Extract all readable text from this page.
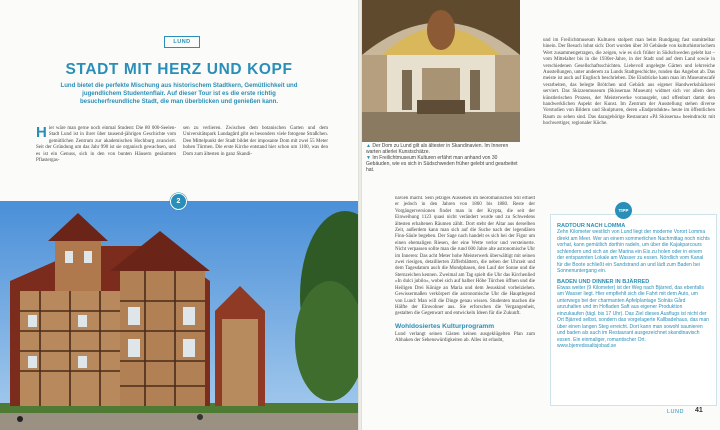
LUND
STADT MIT HERZ UND KOPF
Lund bietet die perfekte Mischung aus historischem Stadtkern, Gemütlichkeit und jugendlichem Studentenflair. Auf dieser Tour ist es die erste richtig besucherfreundliche Stadt, die man überblicken und genießen kann.
Hier wäre man gerne noch einmal Student: Die 80 000-Seelen-Stadt Lund ist in ihrer über tausend-jährigen Geschichte vom gemütlichen Zentrum zur akademischen Hochburg avanciert. Seit der Gründung um das Jahr 990 ist sie organisch gewachsen, und es ist ein Genuss, sich in den von bunten Häusern gesäumten Pflastergas-
sen zu verlieren. Zwischen dem botanischen Garten und dem Universitätspark Lundagård gibt es besonders viele fotogene Straßchen. Den Mittelpunkt der Stadt bildet der imposante Dom mit zwei 55 Meter hohen Türmen. Die erste Kirche entstand hier schon um 1100, was den Dom zum ältesten in ganz Skandi-
2
▲ Der Dom zu Lund gilt als ältester in Skandinavien. Im Inneren warten atlerlei Kunstschätze.
▼ Im Freilichtmuseum Kulturen erfährt man anhand von 30 Gebäuden, wie es sich in Südschweden früher gelebt und gearbeitet hat.
und im Freilichtmuseum Kulturen stolpert man beim Rundgang fast unmittelbar hinein. Der Besuch lohnt sich: Dort wurden über 30 Gebäude von kulturhistorischem Wert zusammengetragen, die zeigen, wie es sich früher in Südschweden gelebt hat – vom Mittelalter bis in die 1930er-Jahre, in der Stadt und auf dem Land sowie in verschiedenen Gesellschaftsschichten. Liebevoll angelegte Gärten und lehrreiche Ausstellungen, unter anderem zu Lunds Stadtgeschichte, runden das Angebot ab. Das meiste ist auch auf Englisch beschrieben. Die Eindrücke kann man im Museumscafé verarbeiten, das belegte Brötchen und Gebäck aus eigener Handwerksbäckerei serviert. Das Skizzenmuseum (Skissernas Museum) widmet sich vor allem dem künstlerischen Prozess, der Meisterwerke vorausgeht, und offenbart damit den handwerklichen Aspekt der Kunst. Im Zentrum der Ausstellung stehen diverse Vorstudien von Bildern und Skulpturen, deren »Endprodukte« heute im öffentlichen Raum zu sehen sind. Das dazugehörige Restaurant »På Skisserna« beeindruckt mit hochwertiger, regionaler Küche.
navien macht. Sein jetziges Aussehen im neoromanischen Stil erhielt er jedoch in den Jahren von 1860 bis 1880. Reste der Vorgängerversionen findet man in der Krypta, die seit der Einweihung 1123 quasi nicht verändert wurde und zu Schwedens ältesten erhaltenen Räumen zählt. Dort steht der Altar aus derselben Zeit, außerdem kann man sich auf die Suche nach der legendären Finn-Säule begeben. Der Sage nach handelt es sich bei der Figur um einen ehemaligen Riesen, der eine Wette verlor und versteinerte. Nicht verpassen sollte man die rund 600 Jahre alte astronomische Uhr im Inneren: Das acht Meter hohe Meisterwerk überwältigt mit seinen zwei riesigen, detaillierten Zifferblättern, die neben der Uhrzeit und dem Tagesdatum auch die Mondphasen, den Lauf der Sonne und die Sternzeichen kennen. Zweimal am Tag spielt die Uhr das Kirchenlied »In dulci jubilo«, wobei sich auf halber Höhe Türchen öffnen und die Heiligen Drei Könige an Maria und dem Jesuskind vorbeiziehen. Gewissermaßen verkörpert die astronomische Uhr die Hauptlegend von Lund: Man will die Dinge genau wissen. Studenten machen die Hälfte der Einwohner aus. Sie erforschen die Vergangenheit, gestalten die Gegenwart und entwickeln Ideen für die Zukunft.
Wohldosiertes Kulturprogramm
Lund verlangt seinen Gästen keinen ausgeklügelten Plan zum Abhaken der Sehenswürdigkeiten ab. Alles ist erlaubt,
RADTOUR NACH LOMMA
Zehn Kilometer westlich von Lund liegt der moderne Vorort Lomma direkt am Meer. Wer an einem sommerlichen Nachmittag noch nichts vorhat, kann gemütlich dorthin radeln, um über die Kajakparcours schlendern und sich an der Marina ein Eis zu holen oder in einem der entspannten Lokale am Wasser zu essen. Nördlich vom Kanal für die Boote schließt ein Sandstrand an und lädt zum Baden bei Sonnenuntergang ein.
BADEN UND DINNER IN BJÄRRED
Etwas weiter (9 Kilometer) ist der Weg nach Bjärred, das ebenfalls am Wasser liegt. Hier empfiehlt sich die Fahrt mit dem Auto, um unterwegs bei der charmanten Apfelplantage Solnäs Gård anzuhalten und im Hofladen Saft aus eigener Produktion einzukaufen (tägl. bis 17 Uhr). Das Ziel dieses Ausflugs ist nicht der Ort Bjärred selbst, sondern das vorgelagerte Kallbadehaus, das man über einen langen Steg erreicht. Dort kann man sowohl saunieren und baden als auch im Restaurant ausgezeichnet skandinavisch essen. Ein einmaliger, romantischer Ort.
www.bjerredssaltsjobad.se
TIPP
LUND 41
